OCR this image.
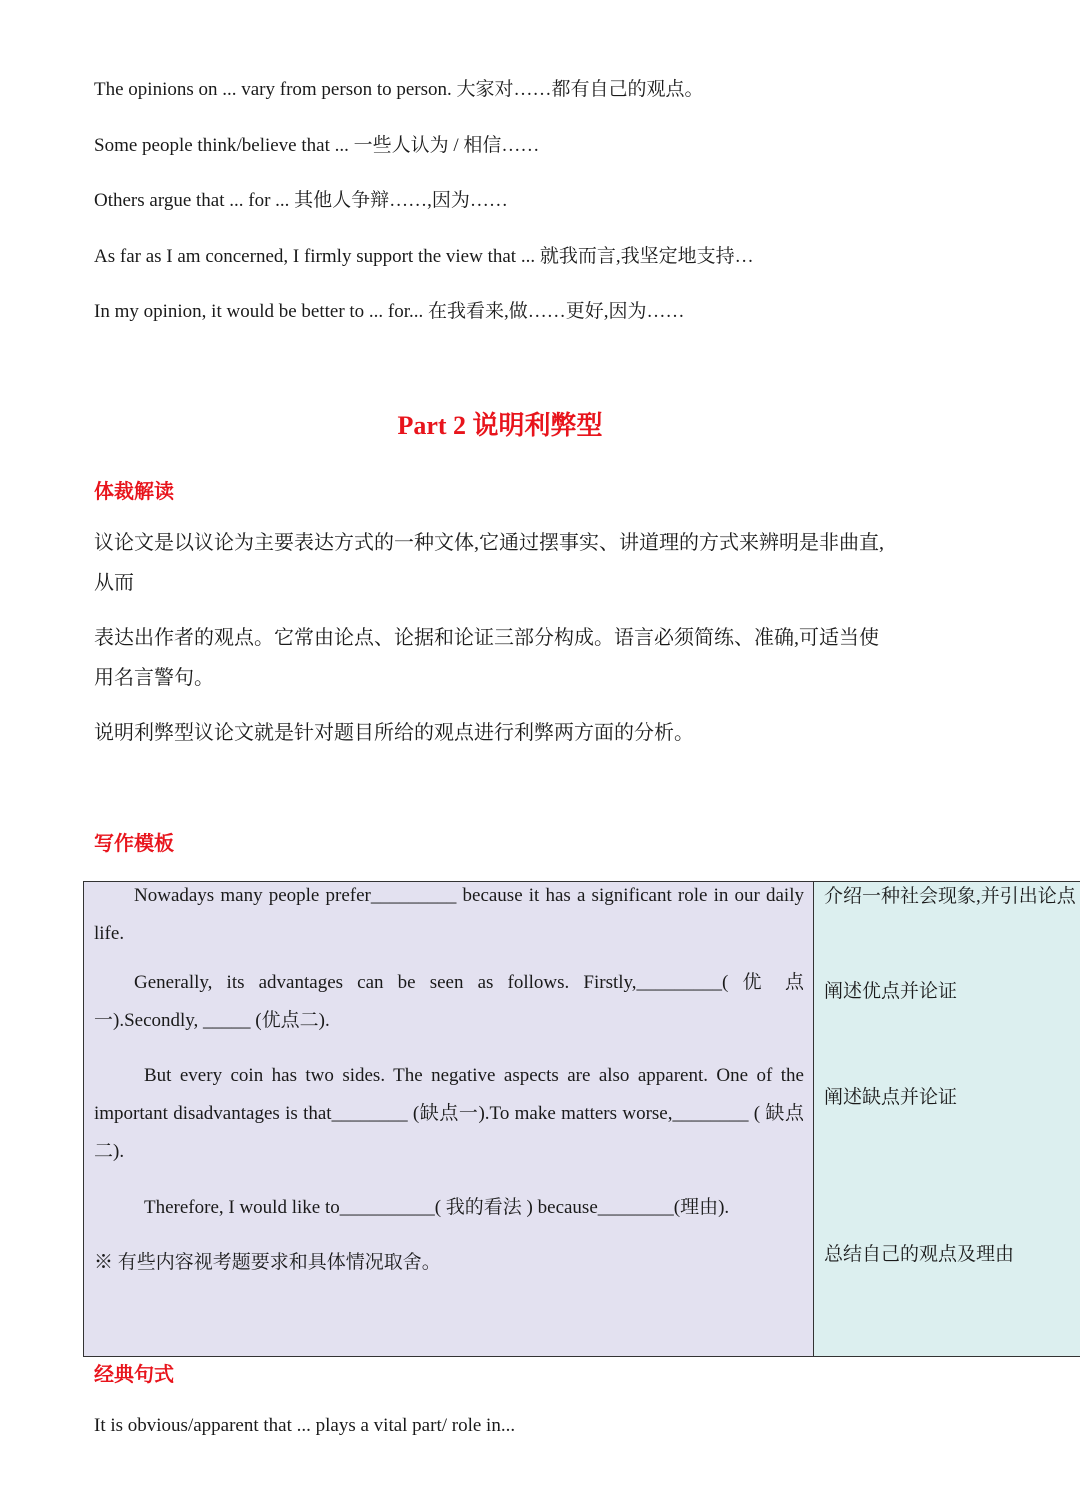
The opinions on ... vary from person to person. 大家对……都有自己的观点。
Some people think/believe that ... 一些人认为 / 相信……
Others argue that ... for ... 其他人争辩……,因为……
As far as I am concerned, I firmly support the view that ... 就我而言,我坚定地支持…
In my opinion, it would be better to ... for... 在我看来,做……更好,因为……
Part 2 说明利弊型
体裁解读
议论文是以议论为主要表达方式的一种文体,它通过摆事实、讲道理的方式来辨明是非曲直,
从而
表达出作者的观点。它常由论点、论据和论证三部分构成。语言必须简练、准确,可适当使
用名言警句。
说明利弊型议论文就是针对题目所给的观点进行利弊两方面的分析。
写作模板
Nowadays many people prefer_________ because it has a significant role in our daily life.
Generally, its advantages can be seen as follows. Firstly,_________( 优 点 一).Secondly, _____ (优点二).
But every coin has two sides. The negative aspects are also apparent. One of the important disadvantages is that________ (缺点一).To make matters worse,________ ( 缺点二).
Therefore, I would like to__________( 我的看法 ) because________(理由).
※ 有些内容视考题要求和具体情况取舍。
介绍一种社会现象,并引出论点
阐述优点并论证
阐述缺点并论证
总结自己的观点及理由
经典句式
It is obvious/apparent that ... plays a vital part/ role in...
